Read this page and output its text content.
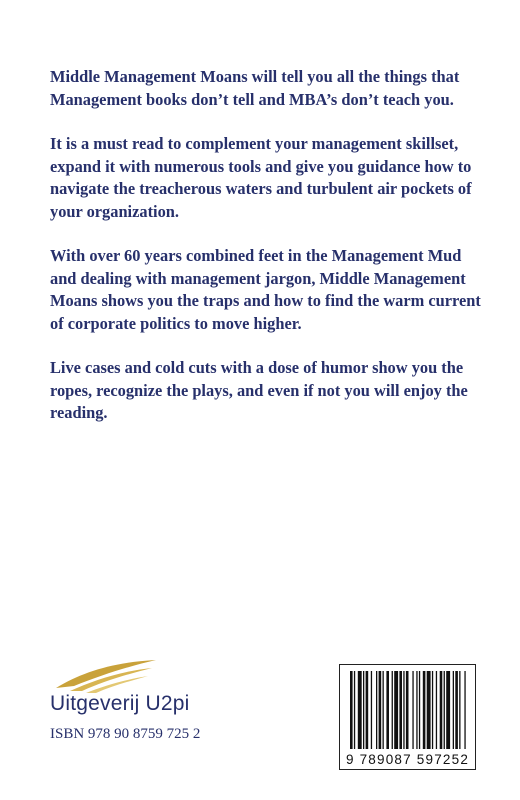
Middle Management Moans will tell you all the things that Management books don’t tell and MBA’s don’t teach you.

It is a must read to complement your management skillset, expand it with numerous tools and give you guidance how to navigate the treacherous waters and turbulent air pockets of your organization.

With over 60 years combined feet in the Management Mud and dealing with management jargon, Middle Management Moans shows you the traps and how to find the warm current of corporate politics to move higher.

Live cases and cold cuts with a dose of humor show you the ropes, recognize the plays, and even if not you will enjoy the reading.

Uitgeverij U2pi
ISBN 978 90 8759 725 2
9 789087 597252
